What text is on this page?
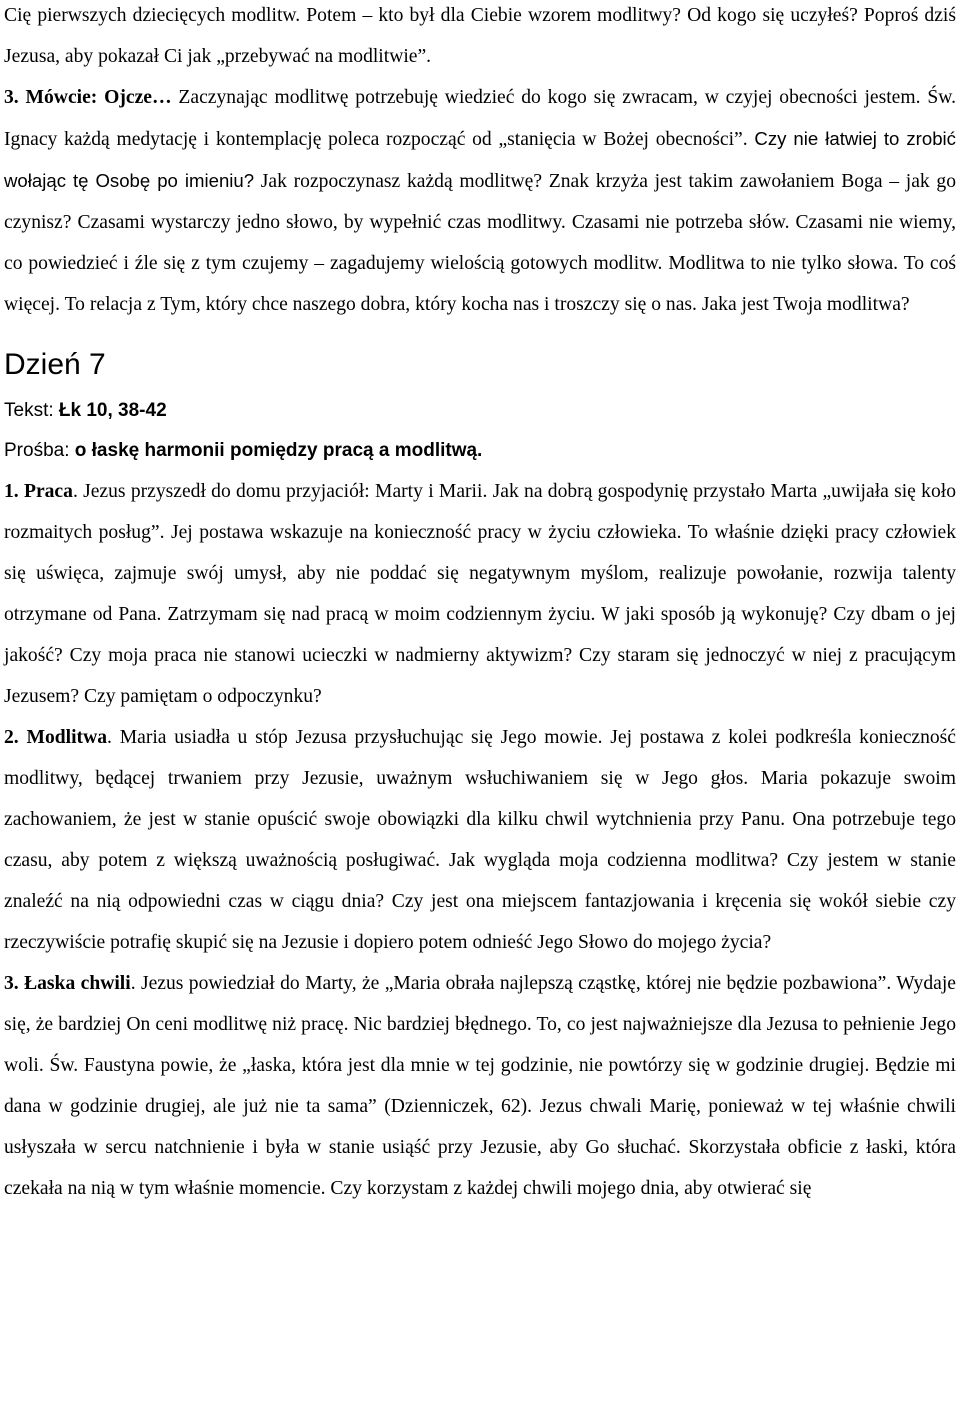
Cię pierwszych dziecięcych modlitw. Potem – kto był dla Ciebie wzorem modlitwy? Od kogo się uczyłeś? Poproś dziś Jezusa, aby pokazał Ci jak „przebywać na modlitwie”.

3. Mówcie: Ojcze… Zaczynając modlitwę potrzebuję wiedzieć do kogo się zwracam, w czyjej obecności jestem. Św. Ignacy każdą medytację i kontemplację poleca rozpocząć od „stanięcia w Bożej obecności”. Czy nie łatwiej to zrobić wołając tę Osobę po imieniu? Jak rozpoczynasz każdą modlitwę? Znak krzyża jest takim zawołaniem Boga – jak go czynisz? Czasami wystarczy jedno słowo, by wypełnić czas modlitwy. Czasami nie potrzeba słów. Czasami nie wiemy, co powiedzieć i źle się z tym czujemy – zagadujemy wielością gotowych modlitw. Modlitwa to nie tylko słowa. To coś więcej. To relacja z Tym, który chce naszego dobra, który kocha nas i troszczy się o nas. Jaka jest Twoja modlitwa?

Dzień 7

Tekst: Łk 10, 38-42

Prośba: o łaskę harmonii pomiędzy pracą a modlitwą.

1. Praca. Jezus przyszedł do domu przyjaciół: Marty i Marii. Jak na dobrą gospodynię przystało Marta „uwijała się koło rozmaitych posług”. Jej postawa wskazuje na konieczność pracy w życiu człowieka. To właśnie dzięki pracy człowiek się uświęca, zajmuje swój umysł, aby nie poddać się negatywnym myślom, realizuje powołanie, rozwija talenty otrzymane od Pana. Zatrzymam się nad pracą w moim codziennym życiu. W jaki sposób ją wykonuję? Czy dbam o jej jakość? Czy moja praca nie stanowi ucieczki w nadmierny aktywizm? Czy staram się jednoczyć w niej z pracującym Jezusem? Czy pamiętam o odpoczynku?

2. Modlitwa. Maria usiadła u stóp Jezusa przysłuchując się Jego mowie. Jej postawa z kolei podkreśla konieczność modlitwy, będącej trwaniem przy Jezusie, uważnym wsłuchiwaniem się w Jego głos. Maria pokazuje swoim zachowaniem, że jest w stanie opuścić swoje obowiązki dla kilku chwil wytchnienia przy Panu. Ona potrzebuje tego czasu, aby potem z większą uważnością posługiwać. Jak wygląda moja codzienna modlitwa? Czy jestem w stanie znaleźć na nią odpowiedni czas w ciągu dnia? Czy jest ona miejscem fantazjowania i kręcenia się wokół siebie czy rzeczywiście potrafię skupić się na Jezusie i dopiero potem odnieść Jego Słowo do mojego życia?

3. Łaska chwili. Jezus powiedział do Marty, że „Maria obrała najlepszą cząstkę, której nie będzie pozbawiona”. Wydaje się, że bardziej On ceni modlitwę niż pracę. Nic bardziej błędnego. To, co jest najważniejsze dla Jezusa to pełnienie Jego woli. Św. Faustyna powie, że „łaska, która jest dla mnie w tej godzinie, nie powtórzy się w godzinie drugiej. Będzie mi dana w godzinie drugiej, ale już nie ta sama” (Dzienniczek, 62). Jezus chwali Marię, ponieważ w tej właśnie chwili usłyszała w sercu natchnienie i była w stanie usiąść przy Jezusie, aby Go słuchać. Skorzystała obficie z łaski, która czekała na nią w tym właśnie momencie. Czy korzystam z każdej chwili mojego dnia, aby otwierać się
